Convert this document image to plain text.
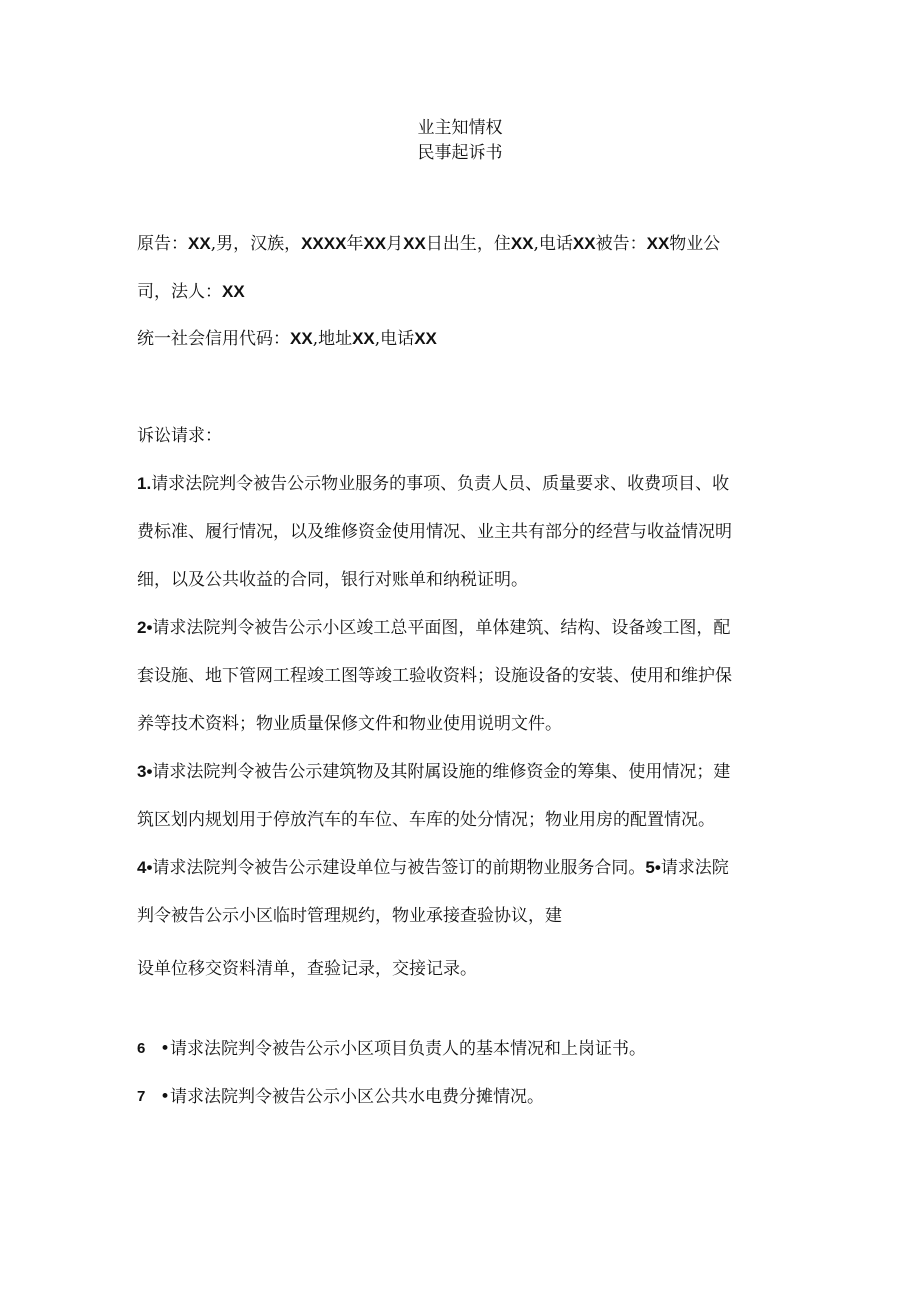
业主知情权
民事起诉书
原告：XX,男，汉族，XXXX年XX月XX日出生，住XX,电话XX被告：XX物业公
司，法人：XX
统一社会信用代码：XX,地址XX,电话XX
诉讼请求：
1.请求法院判令被告公示物业服务的事项、负责人员、质量要求、收费项目、收
费标准、履行情况，以及维修资金使用情况、业主共有部分的经营与收益情况明
细，以及公共收益的合同，银行对账单和纳税证明。
2•请求法院判令被告公示小区竣工总平面图，单体建筑、结构、设备竣工图，配
套设施、地下管网工程竣工图等竣工验收资料；设施设备的安装、使用和维护保
养等技术资料；物业质量保修文件和物业使用说明文件。
3•请求法院判令被告公示建筑物及其附属设施的维修资金的筹集、使用情况；建
筑区划内规划用于停放汽车的车位、车库的处分情况；物业用房的配置情况。
4•请求法院判令被告公示建设单位与被告签订的前期物业服务合同。5•请求法院
判令被告公示小区临时管理规约，物业承接查验协议，建
设单位移交资料清单，查验记录，交接记录。
6 •请求法院判令被告公示小区项目负责人的基本情况和上岗证书。
7 •请求法院判令被告公示小区公共水电费分摊情况。
